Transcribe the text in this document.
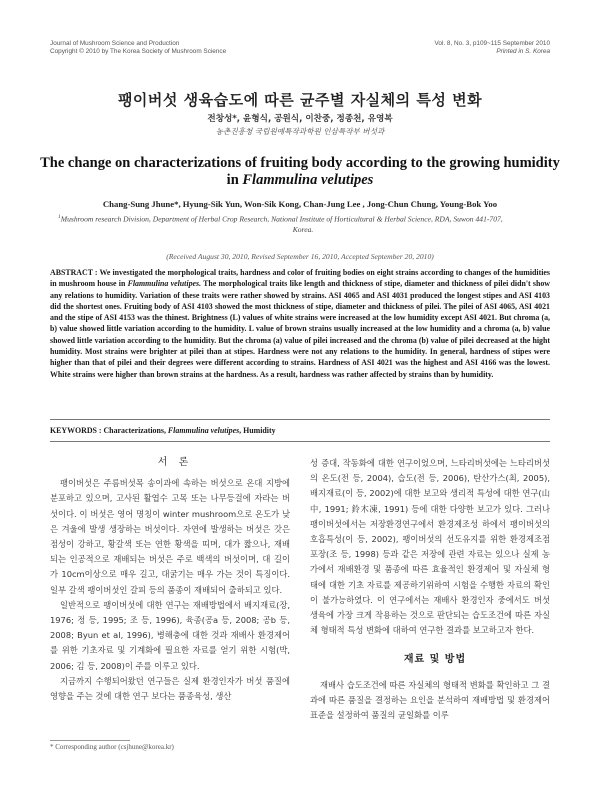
Journal of Mushroom Science and Production
Copyright © 2010 by The Korea Society of Mushroom Science
Vol. 8, No. 3, p109~115 September 2010
Printed in S. Korea
팽이버섯 생육습도에 따른 균주별 자실체의 특성 변화
전창성*, 윤형식, 공원식, 이찬중, 정종천, 유영복
농촌진흥청 국립원예특작과학원 인삼특작부 버섯과
The change on characterizations of fruiting body according to the growing humidity
in Flammulina velutipes
Chang-Sung Jhune*, Hyung-Sik Yun, Won-Sik Kong, Chan-Jung Lee , Jong-Chun Chung, Young-Bok Yoo
$^1$Mushroom research Division, Department of Herbal Crop Research, National Institute of Horticultural & Herbal Science, RDA, Suwon 441-707,
Korea.
(Received August 30, 2010, Revised September 16, 2010, Accepted September 20, 2010)
ABSTRACT : We investigated the morphological traits, hardness and color of fruiting bodies on eight strains according to changes of the humidities in mushroom house in Flammulina velutipes. The morphological traits like length and thickness of stipe, diameter and thickness of pilei didn't show any relations to humidity. Variation of these traits were rather showed by strains. ASI 4065 and ASI 4031 produced the longest stipes and ASI 4103 did the shortest ones. Fruiting body of ASI 4103 showed the most thickness of stipe, diameter and thickness of pilei. The pilei of ASI 4065, ASI 4021 and the stipe of ASI 4153 was the thinest. Brightness (L) values of white strains were increased at the low humidity except ASI 4021. But chroma (a, b) value showed little variation according to the humidity. L value of brown strains usually increased at the low humidity and a chroma (a, b) value showed little variation according to the humidity. But the chroma (a) value of pilei increased and the chroma (b) value of pilei decreased at the hight humidity. Most strains were brighter at pilei than at stipes. Hardness were not any relations to the humidity. In general, hardness of stipes were higher than that of pilei and their degrees were different according to strains. Hardness of ASI 4021 was the highest and ASI 4166 was the lowest. White strains were higher than brown strains at the hardness. As a result, hardness was rather affected by strains than by humidity.
KEYWORDS : Characterizations, Flammulina velutipes, Humidity

서 론

팽이버섯은 주름버섯목 송이과에 속하는 버섯으로 온대 지방에 분포하고 있으며, 고사된 활엽수 고목 또는 나무등걸에 자라는 버섯이다. 이 버섯은 영어 명칭이 winter mushroom으로 온도가 낮은 겨울에 발생 생장하는 버섯이다. 자연에 발생하는 버섯은 갓은 점성이 강하고, 황갈색 또는 연한 황색을 띠며, 대가 짧으나, 재배되는 인공적으로 재배되는 버섯은 주로 백색의 버섯이며, 대 길이가 10cm이상으로 매우 길고, 대굵기는 매우 가는 것이 특징이다. 일부 갈색 팽이버섯인 갈피 등의 품종이 재배되어 출하되고 있다.

일반적으로 팽이버섯에 대한 연구는 재배방법에서 배지재료(장, 1976; 정 등, 1995; 조 등, 1996), 육종(공a 등, 2008; 공b 등, 2008; Byun et al, 1996), 병해충에 대한 것과 재배사 환경제어를 위한 기초자료 및 기계화에 필요한 자료를 얻기 위한 시험(박, 2006; 김 등, 2008)이 주를 이루고 있다.

지금까지 수행되어왔던 연구들은 실제 환경인자가 버섯 품질에 영향을 주는 것에 대한 연구 보다는 품종육성, 생산

성 증대, 작동화에 대한 연구이었으며, 느타리버섯에는 느타리버섯의 온도(전 등, 2004), 습도(전 등, 2006), 탄산가스(최, 2005), 배지재료(이 등, 2002)에 대한 보고와 생리적 특성에 대한 연구(山中, 1991; 鈴木凍, 1991) 등에 대한 다양한 보고가 있다. 그러나 팽이버섯에서는 저장환경연구에서 환경제조성 하에서 팽이버섯의 호흡특성(이 등, 2002), 팽이버섯의 선도유지를 위한 환경제조점포장(조 등, 1998) 등과 같은 저장에 관련 자료는 있으나 실제 농가에서 재배환경 및 품종에 따른 효율적인 환경제어 및 자실체 형태에 대한 기초 자료를 제공하기위하여 시험을 수행한 자료의 확인이 불가능하였다. 이 연구에서는 재배사 환경인자 중에서도 버섯 생육에 가장 크게 작용하는 것으로 판단되는 습도조건에 따른 자실체 형태적 특성 변화에 대하여 연구한 결과를 보고하고자 한다.

재료 및 방법

재배사 습도조건에 따른 자실체의 형태적 변화를 확인하고 그 결과에 따른 품질을 결정하는 요인을 분석하여 재배방법 및 환경제어 표준을 설정하여 품질의 균일화를 이루

* Corresponding author (csjhune@korea.kr)
